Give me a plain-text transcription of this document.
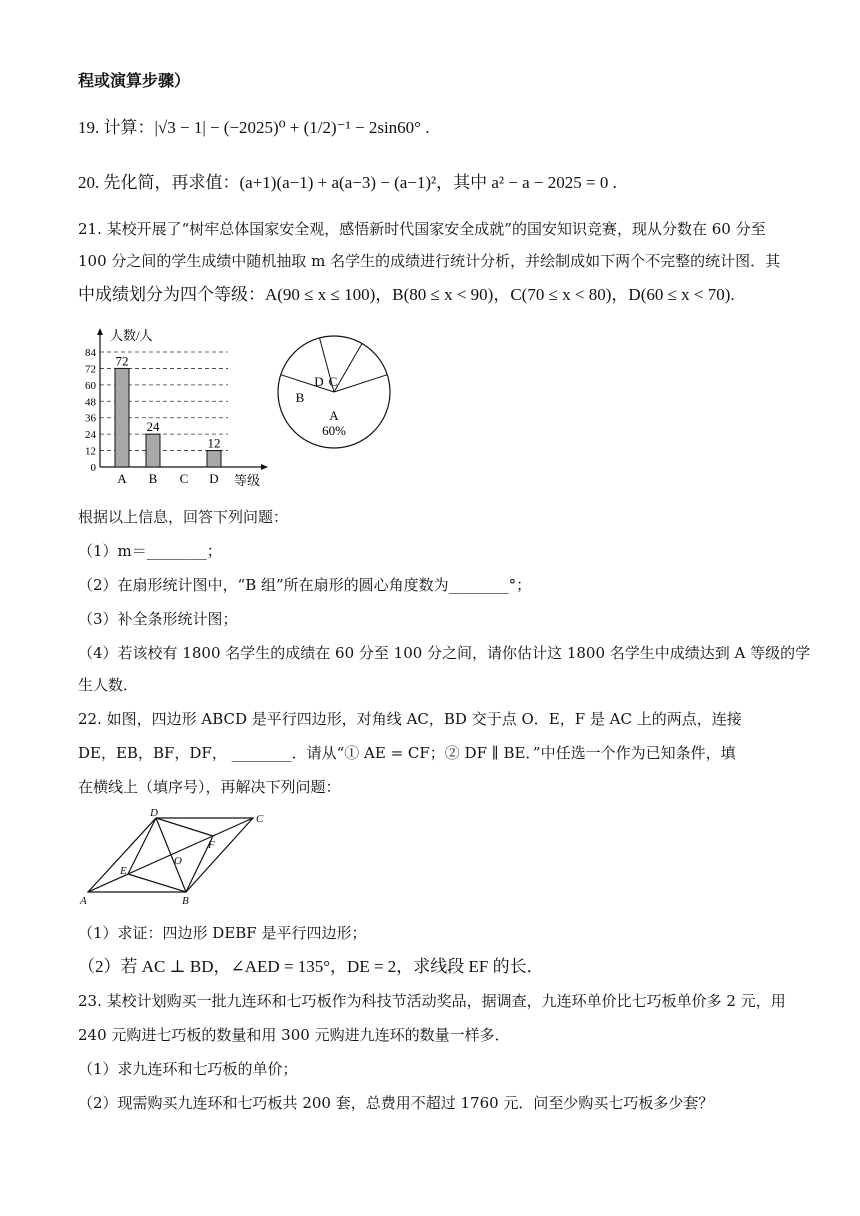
程或演算步骤）
19. 计算：|√3 − 1| − (−2025)⁰ + (1/2)⁻¹ − 2sin60° .
20. 先化简，再求值：(a+1)(a−1) + a(a−3) − (a−1)²，其中 a² − a − 2025 = 0 .
21. 某校开展了“树牢总体国家安全观，感悟新时代国家安全成就”的国安知识竞赛，现从分数在 60 分至
100 分之间的学生成绩中随机抽取 m 名学生的成绩进行统计分析，并绘制成如下两个不完整的统计图．其
中成绩划分为四个等级：A(90 ≤ x ≤ 100)，B(80 ≤ x < 90)，C(70 ≤ x < 80)，D(60 ≤ x < 70).
0
12
24
36
48
60
72
84
人数/人
等级
72
A
24
B C
12
D
A
60%
B
C
D
根据以上信息，回答下列问题：
（1）m＝________；
（2）在扇形统计图中，“B 组”所在扇形的圆心角度数为________°；
（3）补全条形统计图；
（4）若该校有 1800 名学生的成绩在 60 分至 100 分之间，请你估计这 1800 名学生中成绩达到 A 等级的学
生人数．
22. 如图，四边形 ABCD 是平行四边形，对角线 AC，BD 交于点 O．E，F 是 AC 上的两点，连接
DE，EB，BF，DF， ________．请从“① AE = CF；② DF ∥ BE．”中任选一个作为已知条件，填
在横线上（填序号），再解决下列问题：
A	B
C
D
E
F
O
（1）求证：四边形 DEBF 是平行四边形；
（2）若 AC ⊥ BD，∠AED = 135°，DE = 2，求线段 EF 的长．
23. 某校计划购买一批九连环和七巧板作为科技节活动奖品，据调查，九连环单价比七巧板单价多 2 元，用
240 元购进七巧板的数量和用 300 元购进九连环的数量一样多．
（1）求九连环和七巧板的单价；
（2）现需购买九连环和七巧板共 200 套，总费用不超过 1760 元．问至少购买七巧板多少套？
